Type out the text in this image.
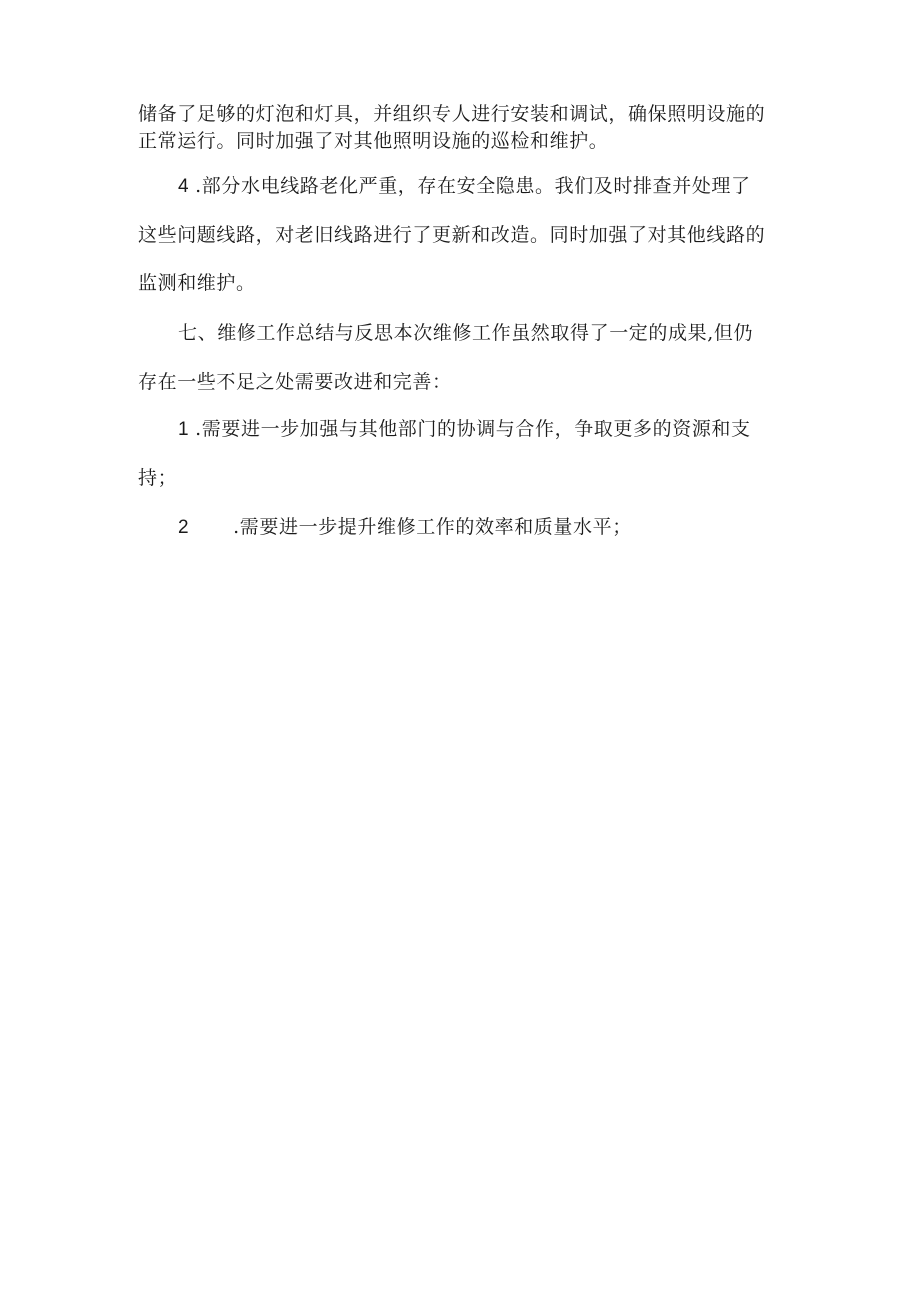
储备了足够的灯泡和灯具，并组织专人进行安装和调试，确保照明设施的
正常运行。同时加强了对其他照明设施的巡检和维护。
4 .部分水电线路老化严重，存在安全隐患。我们及时排查并处理了
这些问题线路，对老旧线路进行了更新和改造。同时加强了对其他线路的
监测和维护。
七、维修工作总结与反思本次维修工作虽然取得了一定的成果,但仍
存在一些不足之处需要改进和完善：
1 .需要进一步加强与其他部门的协调与合作，争取更多的资源和支
持；
2 .需要进一步提升维修工作的效率和质量水平；
